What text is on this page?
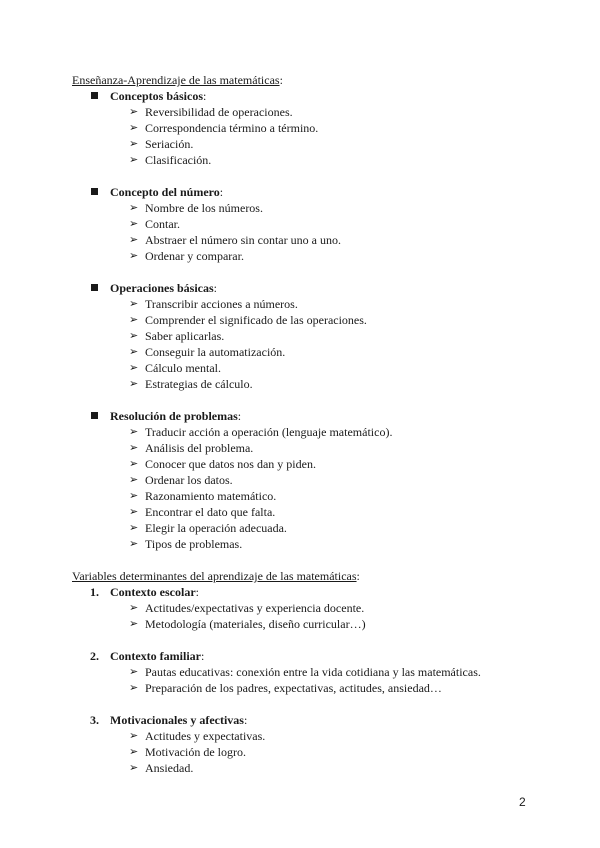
Enseñanza-Aprendizaje de las matemáticas:
Conceptos básicos:
➢ Reversibilidad de operaciones.
➢ Correspondencia término a término.
➢ Seriación.
➢ Clasificación.
Concepto del número:
➢ Nombre de los números.
➢ Contar.
➢ Abstraer el número sin contar uno a uno.
➢ Ordenar y comparar.
Operaciones básicas:
➢ Transcribir acciones a números.
➢ Comprender el significado de las operaciones.
➢ Saber aplicarlas.
➢ Conseguir la automatización.
➢ Cálculo mental.
➢ Estrategias de cálculo.
Resolución de problemas:
➢ Traducir acción a operación (lenguaje matemático).
➢ Análisis del problema.
➢ Conocer que datos nos dan y piden.
➢ Ordenar los datos.
➢ Razonamiento matemático.
➢ Encontrar el dato que falta.
➢ Elegir la operación adecuada.
➢ Tipos de problemas.
Variables determinantes del aprendizaje de las matemáticas:
1. Contexto escolar:
➢ Actitudes/expectativas y experiencia docente.
➢ Metodología (materiales, diseño curricular…)
2. Contexto familiar:
➢ Pautas educativas: conexión entre la vida cotidiana y las matemáticas.
➢ Preparación de los padres, expectativas, actitudes, ansiedad…
3. Motivacionales y afectivas:
➢ Actitudes y expectativas.
➢ Motivación de logro.
➢ Ansiedad.
2
